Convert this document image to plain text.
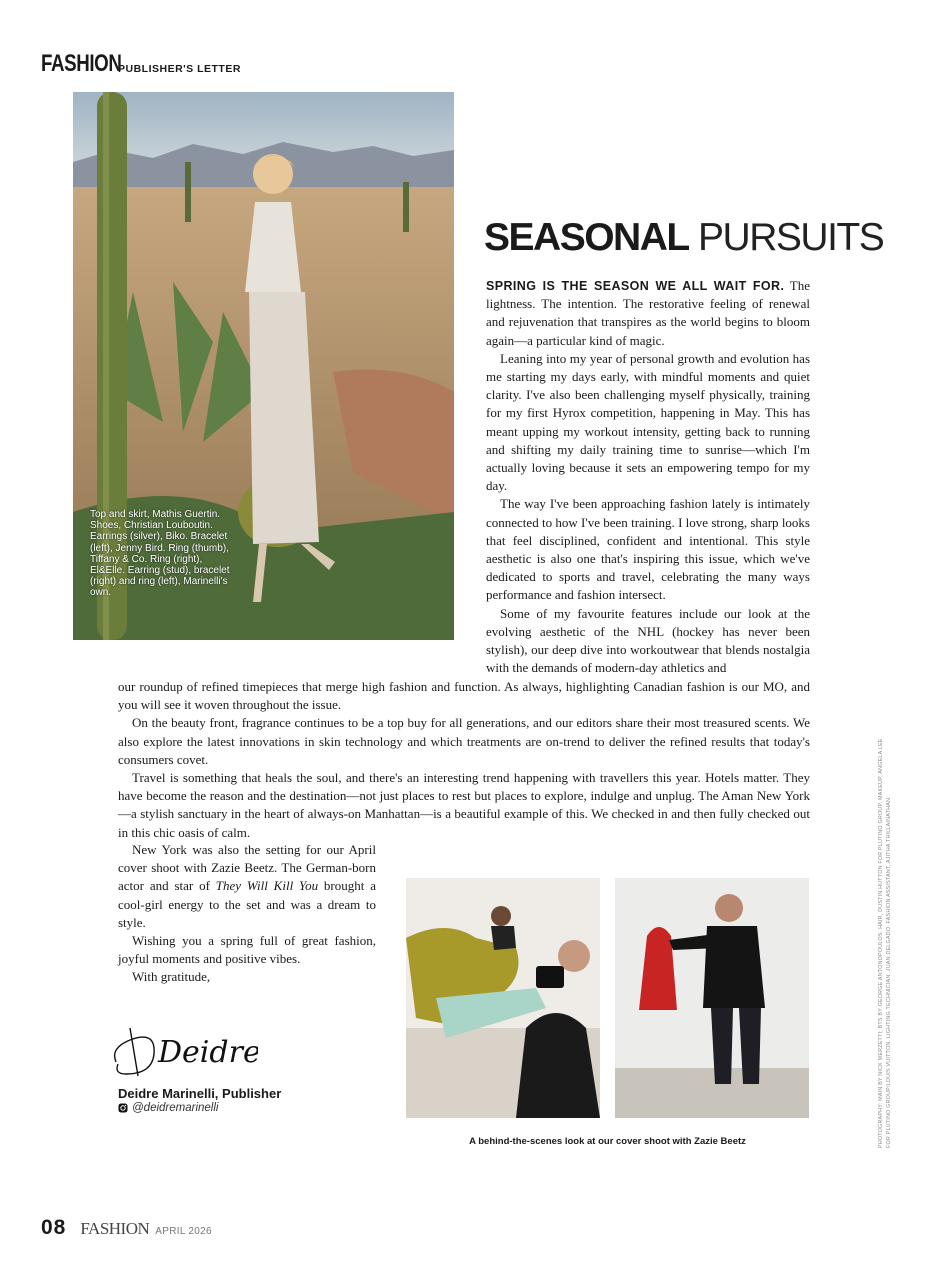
FASHION
PUBLISHER'S LETTER
Top and skirt, Mathis Guertin. Shoes, Christian Louboutin. Earrings (silver), Biko. Bracelet (left), Jenny Bird. Ring (thumb), Tiffany & Co. Ring (right), El&Elle. Earring (stud), bracelet (right) and ring (left), Marinelli's own.
SEASONAL PURSUITS

SPRING IS THE SEASON WE ALL WAIT FOR. The lightness. The intention. The restorative feeling of renewal and rejuvenation that transpires as the world begins to bloom again—a particular kind of magic.

Leaning into my year of personal growth and evolution has me starting my days early, with mindful moments and quiet clarity. I've also been challenging myself physically, training for my first Hyrox competition, happening in May. This has meant upping my workout intensity, getting back to running and shifting my daily training time to sunrise—which I'm actually loving because it sets an empowering tempo for my day.

The way I've been approaching fashion lately is intimately connected to how I've been training. I love strong, sharp looks that feel disciplined, confident and intentional. This style aesthetic is also one that's inspiring this issue, which we've dedicated to sports and travel, celebrating the many ways performance and fashion intersect.

Some of my favourite features include our look at the evolving aesthetic of the NHL (hockey has never been stylish), our deep dive into workoutwear that blends nostalgia with the demands of modern-day athletics and

our roundup of refined timepieces that merge high fashion and function. As always, highlighting Canadian fashion is our MO, and you will see it woven throughout the issue.

On the beauty front, fragrance continues to be a top buy for all generations, and our editors share their most treasured scents. We also explore the latest innovations in skin technology and which treatments are on-trend to deliver the refined results that today's consumers covet.

Travel is something that heals the soul, and there's an interesting trend happening with travellers this year. Hotels matter. They have become the reason and the destination—not just places to rest but places to explore, indulge and unplug. The Aman New York—a stylish sanctuary in the heart of always-on Manhattan—is a beautiful example of this. We checked in and then fully checked out in this chic oasis of calm.

New York was also the setting for our April cover shoot with Zazie Beetz. The German-born actor and star of They Will Kill You brought a cool-girl energy to the set and was a dream to style.

Wishing you a spring full of great fashion, joyful moments and positive vibes.

With gratitude,

Deidre
Deidre Marinelli, Publisher
@deidremarinelli
A behind-the-scenes look at our cover shoot with Zazie Beetz	PHOTOGRAPHY: MAIN BY NICK MERZETTI; BTS BY GEORGE ANTONOPOULOS. HAIR, DUSTIN HUTTON FOR PLUTINO GROUP. MAKEUP, ANGELA LEE FOR PLUTINO GROUP/LOUIS VUITTON. LIGHTING TECHNICIAN, JUAN DELGADO. FASHION ASSISTANT, AJITHA THILLAINATHAN.
08 FASHION APRIL 2026
